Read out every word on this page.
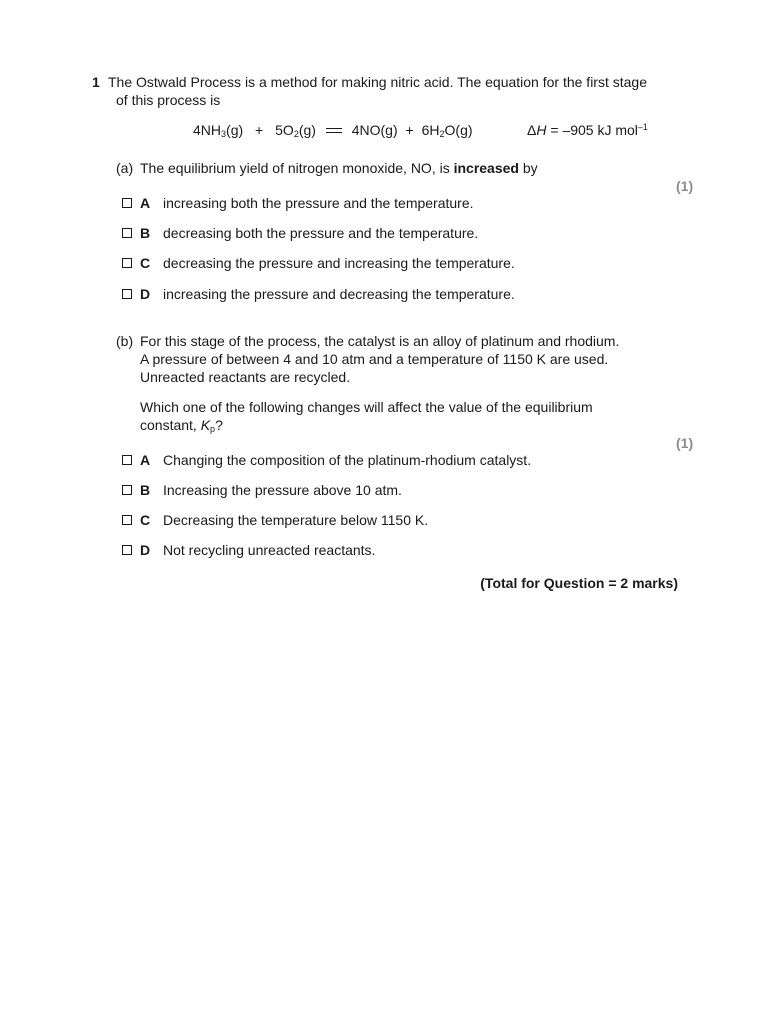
1 The Ostwald Process is a method for making nitric acid. The equation for the first stage
of this process is
$4NH_3(g) + 5O_2(g)$	$4NO(g) + 6H_2O(g)$	ΔH = –905 kJ mol$^{-1}$
(a) The equilibrium yield of nitrogen monoxide, NO, is increased by
(1)
A increasing both the pressure and the temperature.
B decreasing both the pressure and the temperature.
C decreasing the pressure and increasing the temperature.
D increasing the pressure and decreasing the temperature.
(b) For this stage of the process, the catalyst is an alloy of platinum and rhodium.
A pressure of between 4 and 10 atm and a temperature of 1150 K are used.
Unreacted reactants are recycled.
Which one of the following changes will affect the value of the equilibrium
constant, $K_p$?
(1)
A Changing the composition of the platinum-rhodium catalyst.
B Increasing the pressure above 10 atm.
C Decreasing the temperature below 1150 K.
D Not recycling unreacted reactants.
(Total for Question = 2 marks)
